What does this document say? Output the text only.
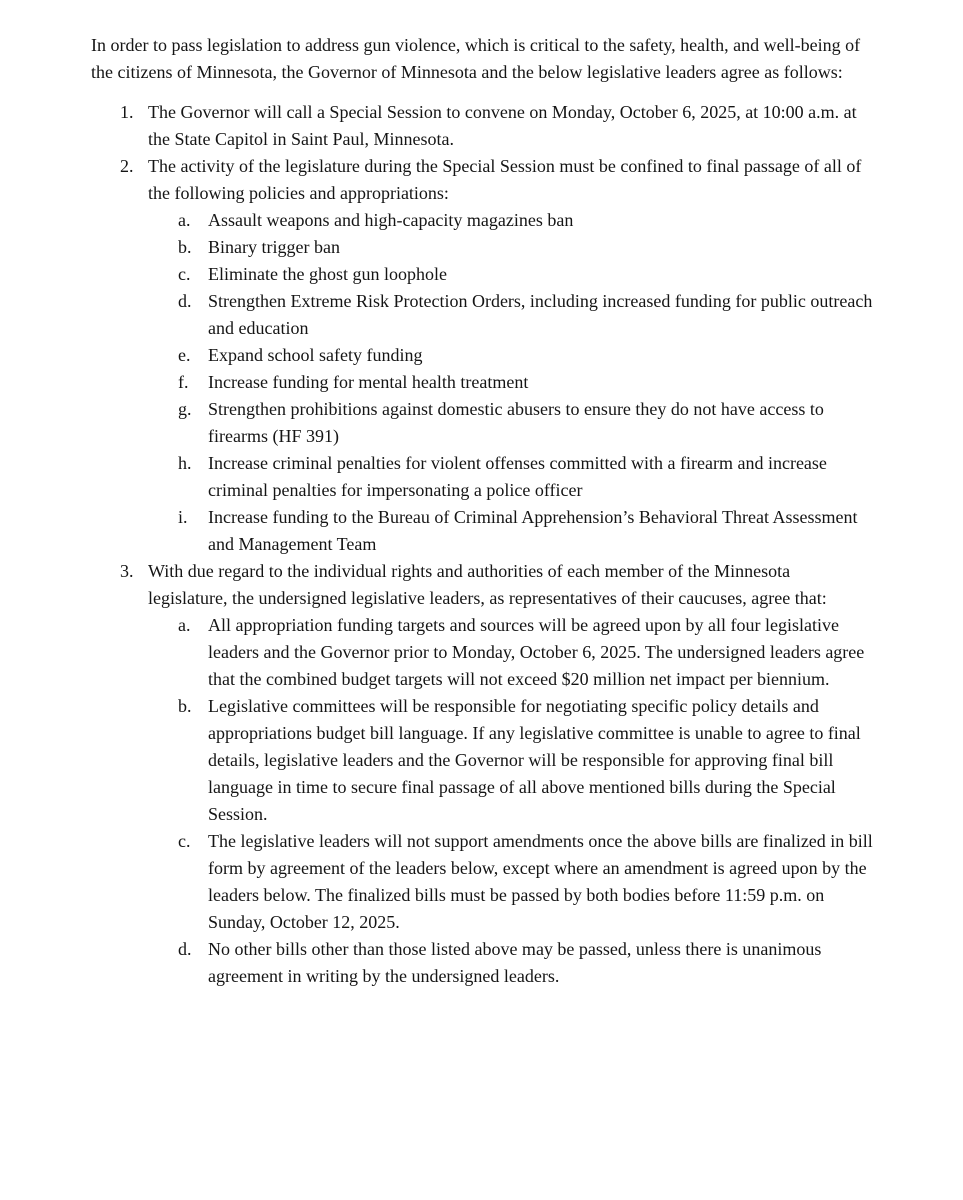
In order to pass legislation to address gun violence, which is critical to the safety, health, and well-being of the citizens of Minnesota, the Governor of Minnesota and the below legislative leaders agree as follows:

1. The Governor will call a Special Session to convene on Monday, October 6, 2025, at 10:00 a.m. at the State Capitol in Saint Paul, Minnesota.
2. The activity of the legislature during the Special Session must be confined to final passage of all of the following policies and appropriations:
a. Assault weapons and high-capacity magazines ban
b. Binary trigger ban
c. Eliminate the ghost gun loophole
d. Strengthen Extreme Risk Protection Orders, including increased funding for public outreach and education
e. Expand school safety funding
f.	Increase funding for mental health treatment
g. Strengthen prohibitions against domestic abusers to ensure they do not have access to firearms (HF 391)
h. Increase criminal penalties for violent offenses committed with a firearm and increase criminal penalties for impersonating a police officer
i.	Increase funding to the Bureau of Criminal Apprehension’s Behavioral Threat Assessment and Management Team
3. With due regard to the individual rights and authorities of each member of the Minnesota legislature, the undersigned legislative leaders, as representatives of their caucuses, agree that:
a. All appropriation funding targets and sources will be agreed upon by all four legislative leaders and the Governor prior to Monday, October 6, 2025. The undersigned leaders agree that the combined budget targets will not exceed $20 million net impact per biennium.
b. Legislative committees will be responsible for negotiating specific policy details and appropriations budget bill language. If any legislative committee is unable to agree to final details, legislative leaders and the Governor will be responsible for approving final bill language in time to secure final passage of all above mentioned bills during the Special Session.
c. The legislative leaders will not support amendments once the above bills are finalized in bill form by agreement of the leaders below, except where an amendment is agreed upon by the leaders below. The finalized bills must be passed by both bodies before 11:59 p.m. on Sunday, October 12, 2025.
d. No other bills other than those listed above may be passed, unless there is unanimous agreement in writing by the undersigned leaders.
